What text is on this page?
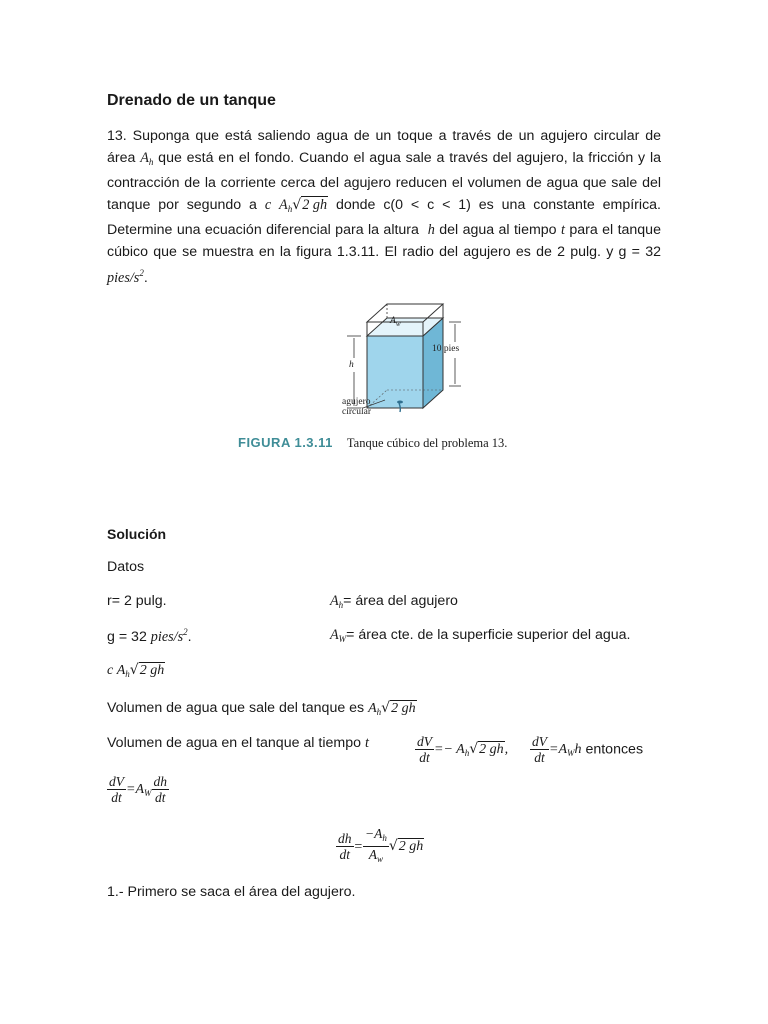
Drenado de un tanque
13. Suponga que está saliendo agua de un toque a través de un agujero circular de área $A_h$ que está en el fondo. Cuando el agua sale a través del agujero, la fricción y la contracción de la corriente cerca del agujero reducen el volumen de agua que sale del tanque por segundo a c $A_h√2$ gh donde c(0 < c < 1) es una constante empírica. Determine una ecuación diferencial para la altura  h del agua al tiempo t para el tanque cúbico que se muestra en la figura 1.3.11. El radio del agujero es de 2 pulg. y g = 32 pies/$s^2$.
$A_w$
10 pies
h
agujero
circular
FIGURA 1.3.11 Tanque cúbico del problema 13.
Solución
Datos
r= 2 pulg.	$A_h=$ área del agujero
g = 32 pies/$s^2$.	$A_W=$ área cte. de la superficie superior del agua.
c $A_h√2$ gh
Volumen de agua que sale del tanque es $A_h√2$ gh
Volumen de agua en el tanque al tiempo t	$\frac{dV}{dt} =- A_h√2$ gh, $\frac{dV}{dt} =A_Wh$ entonces
$\frac{dV}{dt} =A_W \frac{dh}{dt}$
$\frac{dh}{dt} = \frac{-A_h}{A_w} √2$ gh
1.- Primero se saca el área del agujero.
